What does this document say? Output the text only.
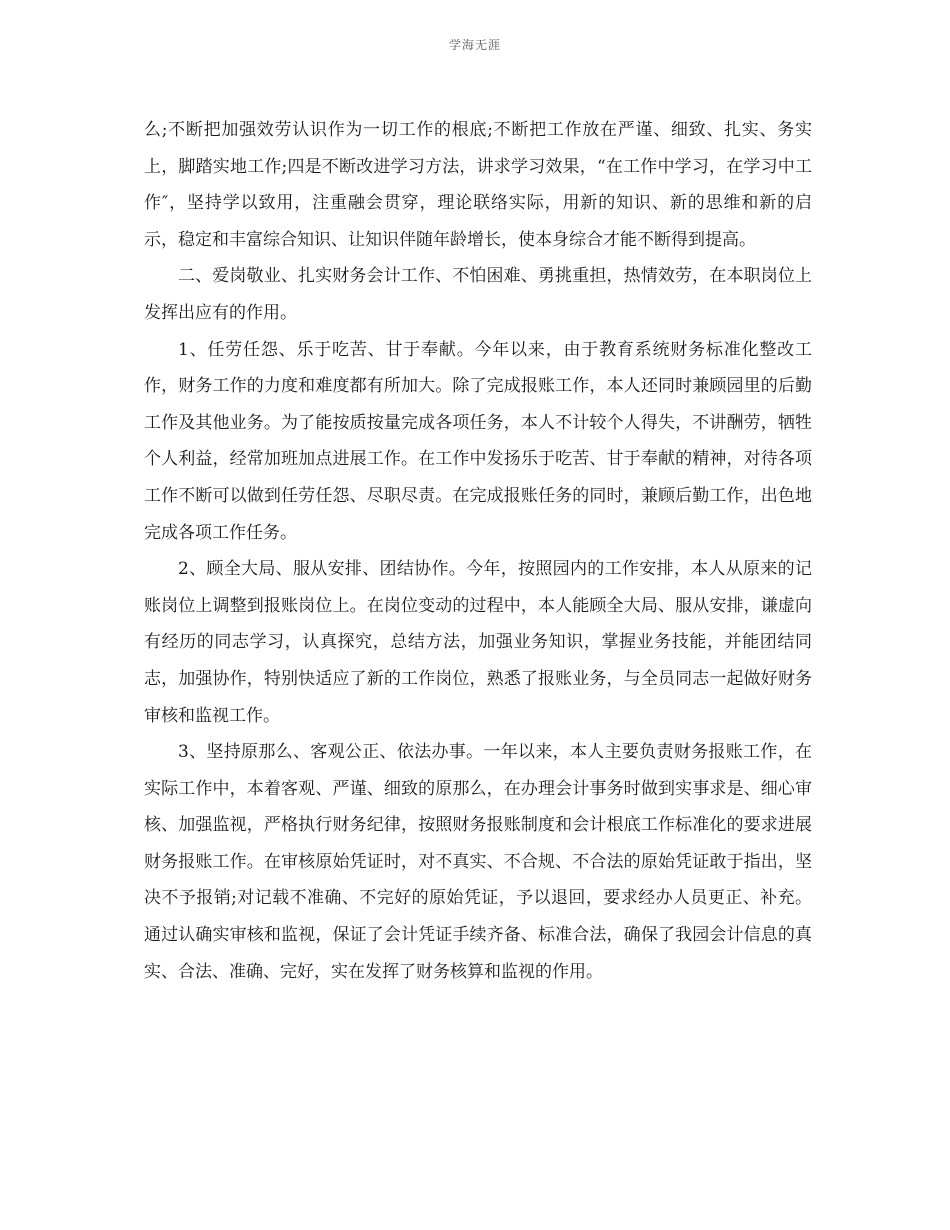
学海无涯

么;不断把加强效劳认识作为一切工作的根底;不断把工作放在严谨、细致、扎实、务实上，脚踏实地工作;四是不断改进学习方法，讲求学习效果，“在工作中学习，在学习中工作″，坚持学以致用，注重融会贯穿，理论联络实际，用新的知识、新的思维和新的启示，稳定和丰富综合知识、让知识伴随年龄增长，使本身综合才能不断得到提高。

二、爱岗敬业、扎实财务会计工作、不怕困难、勇挑重担，热情效劳，在本职岗位上发挥出应有的作用。

1、任劳任怨、乐于吃苦、甘于奉献。今年以来，由于教育系统财务标准化整改工作，财务工作的力度和难度都有所加大。除了完成报账工作，本人还同时兼顾园里的后勤工作及其他业务。为了能按质按量完成各项任务，本人不计较个人得失，不讲酬劳，牺牲个人利益，经常加班加点进展工作。在工作中发扬乐于吃苦、甘于奉献的精神，对待各项工作不断可以做到任劳任怨、尽职尽责。在完成报账任务的同时，兼顾后勤工作，出色地完成各项工作任务。

2、顾全大局、服从安排、团结协作。今年，按照园内的工作安排，本人从原来的记账岗位上调整到报账岗位上。在岗位变动的过程中，本人能顾全大局、服从安排，谦虚向有经历的同志学习，认真探究，总结方法，加强业务知识，掌握业务技能，并能团结同志，加强协作，特别快适应了新的工作岗位，熟悉了报账业务，与全员同志一起做好财务审核和监视工作。

3、坚持原那么、客观公正、依法办事。一年以来，本人主要负责财务报账工作，在实际工作中，本着客观、严谨、细致的原那么，在办理会计事务时做到实事求是、细心审核、加强监视，严格执行财务纪律，按照财务报账制度和会计根底工作标准化的要求进展财务报账工作。在审核原始凭证时，对不真实、不合规、不合法的原始凭证敢于指出，坚决不予报销;对记载不准确、不完好的原始凭证，予以退回，要求经办人员更正、补充。通过认确实审核和监视，保证了会计凭证手续齐备、标准合法，确保了我园会计信息的真实、合法、准确、完好，实在发挥了财务核算和监视的作用。
